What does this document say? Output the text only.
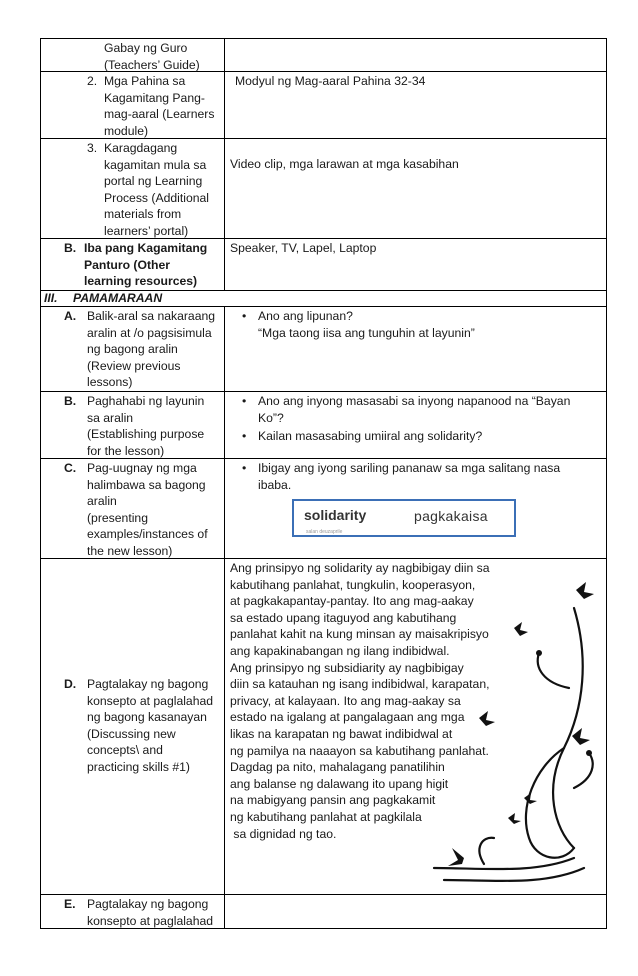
Gabay ng Guro
(Teachers’ Guide)
2. Mga Pahina sa
Kagamitang Pang-
mag-aaral (Learners
module)
Modyul ng Mag-aaral Pahina 32-34
3. Karagdagang
kagamitan mula sa
portal ng Learning
Process (Additional
materials from
learners’ portal)
Video clip, mga larawan at mga kasabihan
B. Iba pang Kagamitang
Panturo (Other
learning resources)
Speaker, TV, Lapel, Laptop
III. PAMAMARAAN
A. Balik-aral sa nakaraang
aralin at /o pagsisimula
ng bagong aralin
(Review previous
lessons)
• Ano ang lipunan?
“Mga taong iisa ang tunguhin at layunin”
B. Paghahabi ng layunin
sa aralin
(Establishing purpose
for the lesson)
• Ano ang inyong masasabi sa inyong napanood na “Bayan
Ko”?
• Kailan masasabing umiiral ang solidarity?
C. Pag-uugnay ng mga
halimbawa sa bagong
aralin
(presenting
examples/instances of
the new lesson)
• Ibigay ang iyong sariling pananaw sa mga salitang nasa
ibaba.
solidarity
salan deuzaprile
pagkakaisa
D. Pagtalakay ng bagong
konsepto at paglalahad
ng bagong kasanayan
(Discussing new
concepts\ and
practicing skills #1)
Ang prinsipyo ng solidarity ay nagbibigay diin sa
kabutihang panlahat, tungkulin, kooperasyon,
at pagkakapantay-pantay. Ito ang mag-aakay
sa estado upang itaguyod ang kabutihang
panlahat kahit na kung minsan ay maisakripisyo
ang kapakinabangan ng ilang indibidwal.
Ang prinsipyo ng subsidiarity ay nagbibigay
diin sa katauhan ng isang indibidwal, karapatan,
privacy, at kalayaan. Ito ang mag-aakay sa
estado na igalang at pangalagaan ang mga
likas na karapatan ng bawat indibidwal at
ng pamilya na naaayon sa kabutihang panlahat.
Dagdag pa nito, mahalagang panatilihin
ang balanse ng dalawang ito upang higit
na mabigyang pansin ang pagkakamit
ng kabutihang panlahat at pagkilala
sa dignidad ng tao.
E. Pagtalakay ng bagong
konsepto at paglalahad
